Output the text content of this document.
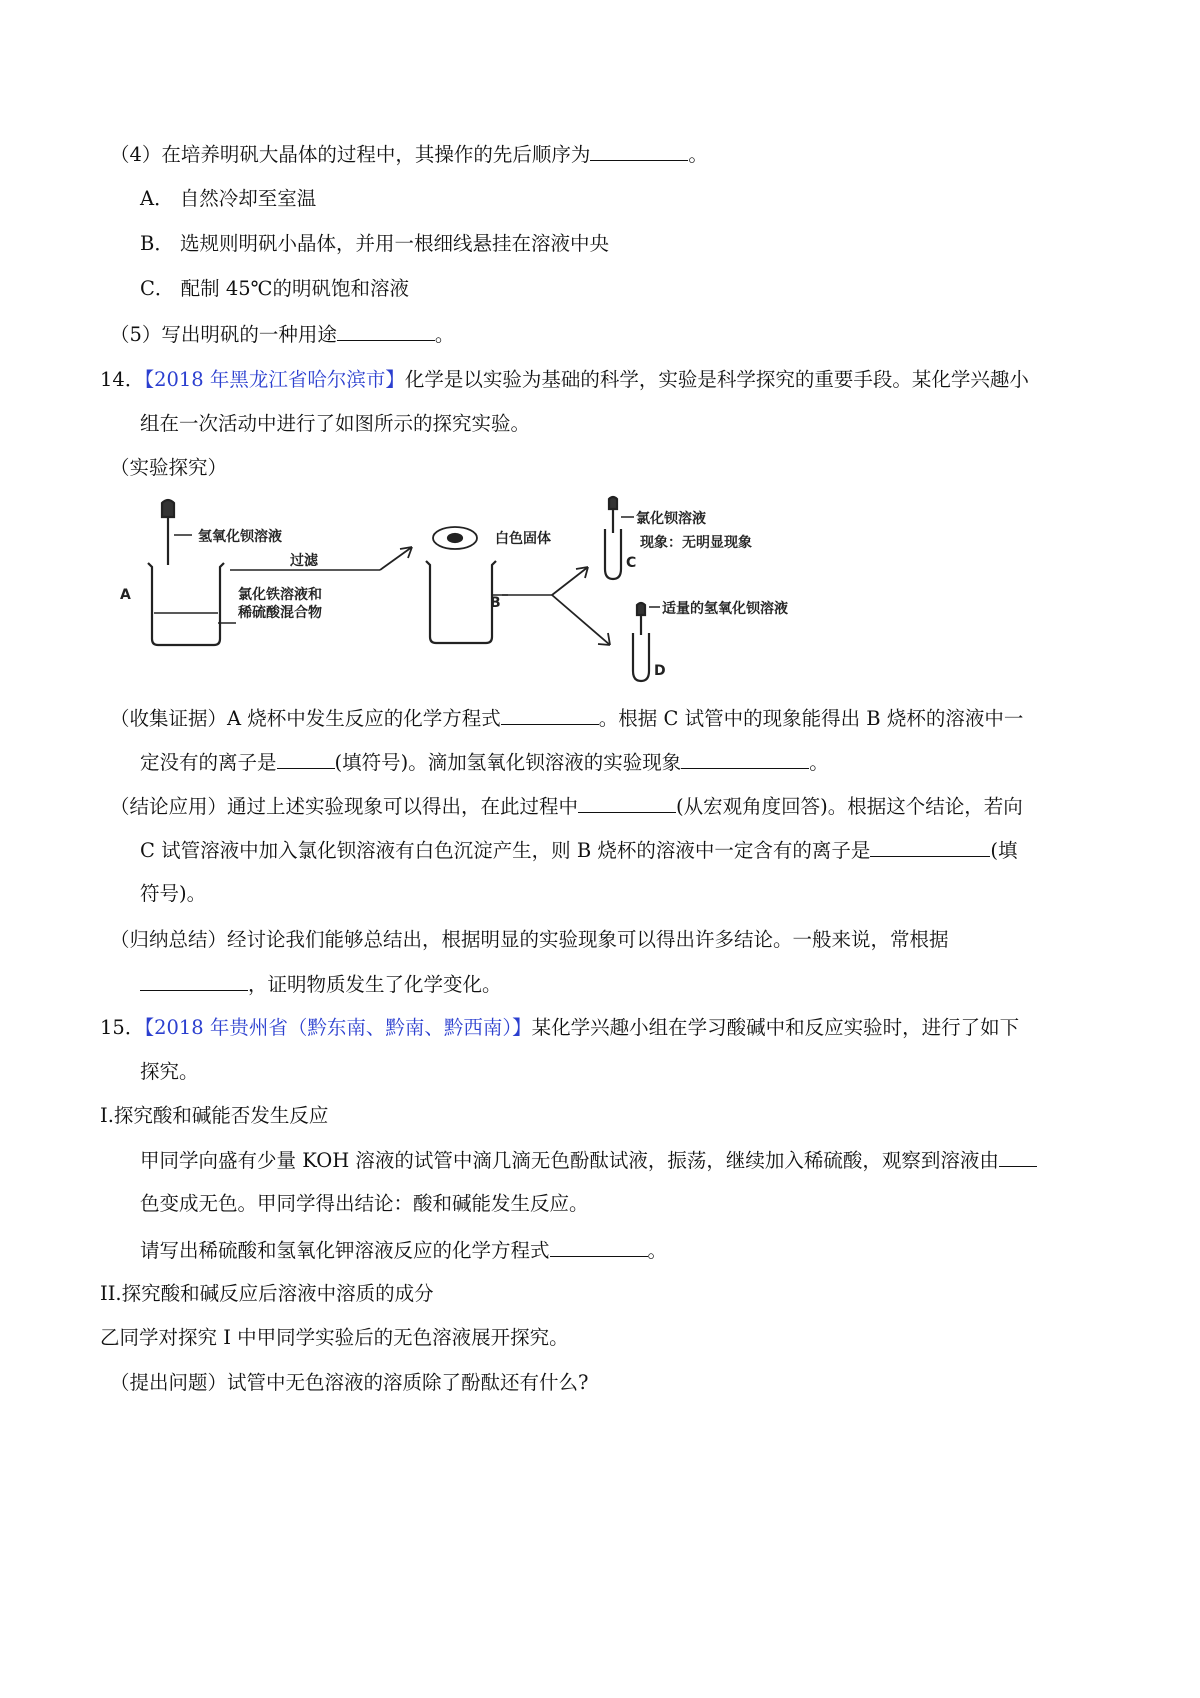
（4）在培养明矾大晶体的过程中，其操作的先后顺序为	。
A． 自然冷却至室温
B． 选规则明矾小晶体，并用一根细线悬挂在溶液中央
C． 配制 45℃的明矾饱和溶液
（5）写出明矾的一种用途	。
14．【2018 年黑龙江省哈尔滨市】化学是以实验为基础的科学，实验是科学探究的重要手段。某化学兴趣小
组在一次活动中进行了如图所示的探究实验。
（实验探究）
A
氢氧化钡溶液
过滤
氯化铁溶液和
稀硫酸混合物
白色固体
B
氯化钡溶液
现象：无明显现象
C
适量的氢氧化钡溶液
D
（收集证据）A 烧杯中发生反应的化学方程式	。根据 C 试管中的现象能得出 B 烧杯的溶液中一
定没有的离子是	(填符号)。滴加氢氧化钡溶液的实验现象	。
（结论应用）通过上述实验现象可以得出，在此过程中	(从宏观角度回答)。根据这个结论，若向
C 试管溶液中加入氯化钡溶液有白色沉淀产生，则 B 烧杯的溶液中一定含有的离子是	(填
符号)。
（归纳总结）经讨论我们能够总结出，根据明显的实验现象可以得出许多结论。一般来说，常根据
，证明物质发生了化学变化。
15．【2018 年贵州省（黔东南、黔南、黔西南）】某化学兴趣小组在学习酸碱中和反应实验时，进行了如下
探究。
I.探究酸和碱能否发生反应
甲同学向盛有少量 KOH 溶液的试管中滴几滴无色酚酞试液，振荡，继续加入稀硫酸，观察到溶液由
色变成无色。甲同学得出结论：酸和碱能发生反应。
请写出稀硫酸和氢氧化钾溶液反应的化学方程式	。
II.探究酸和碱反应后溶液中溶质的成分
乙同学对探究 I 中甲同学实验后的无色溶液展开探究。
（提出问题）试管中无色溶液的溶质除了酚酞还有什么?
